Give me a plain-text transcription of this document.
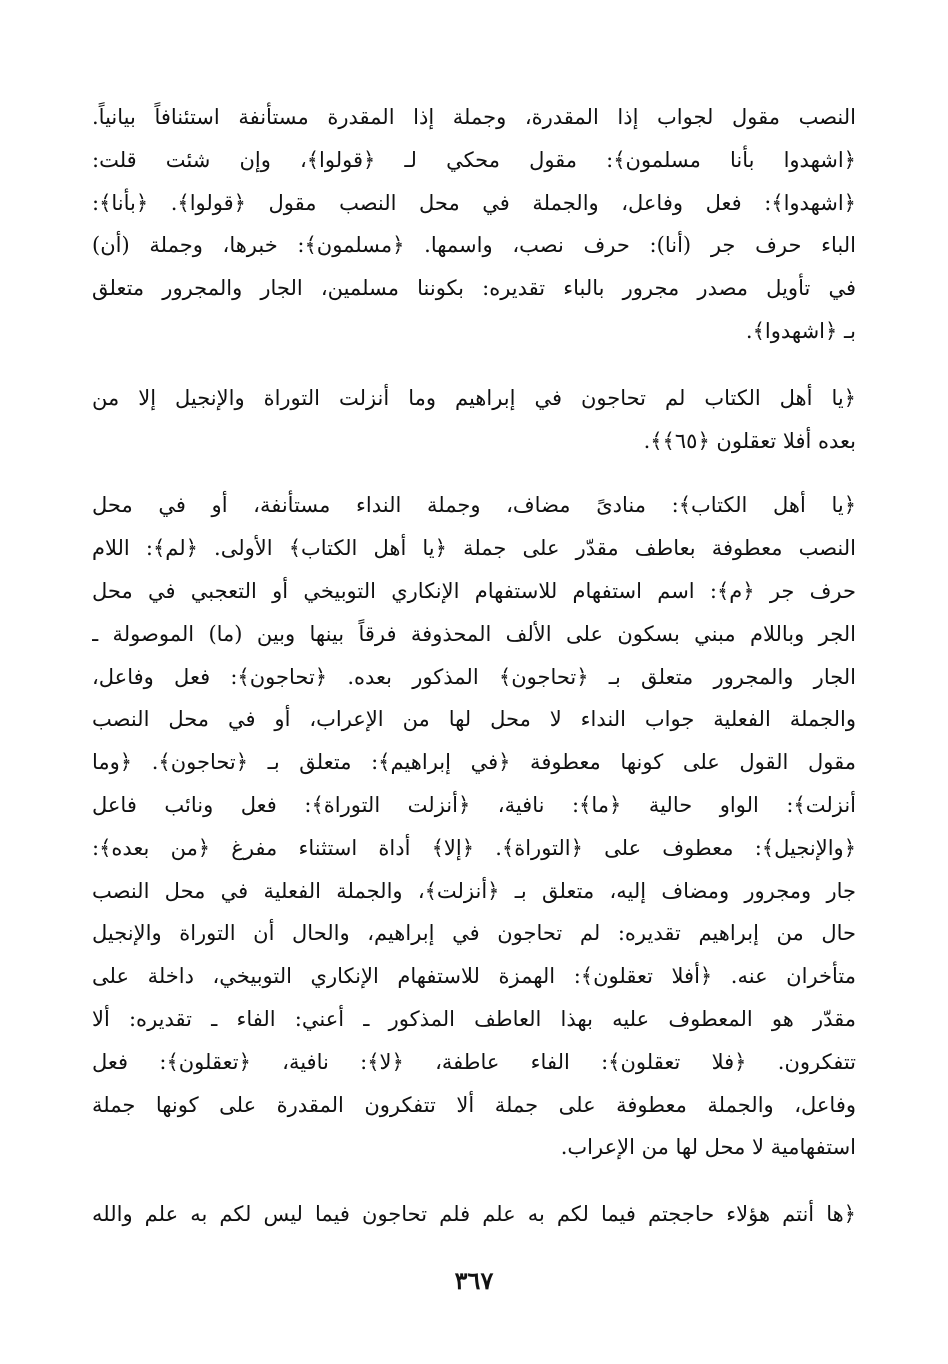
النصب مقول لجواب إذا المقدرة، وجملة إذا المقدرة مستأنفة استئنافاً بيانياً.
﴿اشهدوا بأنا مسلمون﴾: مقول محكي لـ ﴿قولوا﴾، وإن شئت قلت:
﴿اشهدوا﴾: فعل وفاعل، والجملة في محل النصب مقول ﴿قولوا﴾. ﴿بأنا﴾:
الباء حرف جر (أنا): حرف نصب، واسمها. ﴿مسلمون﴾: خبرها، وجملة (أن)
في تأويل مصدر مجرور بالباء تقديره: بكوننا مسلمين، الجار والمجرور متعلق
بـ ﴿اشهدوا﴾.
﴿يا أهل الكتاب لم تحاجون في إبراهيم وما أنزلت التوراة والإنجيل إلا من
بعده أفلا تعقلون ﴿٦٥﴾﴾.
﴿يا أهل الكتاب﴾: منادىً مضاف، وجملة النداء مستأنفة، أو في محل
النصب معطوفة بعاطف مقدّر على جملة ﴿يا أهل الكتاب﴾ الأولى. ﴿لم﴾: اللام
حرف جر ﴿م﴾: اسم استفهام للاستفهام الإنكاري التوبيخي أو التعجبي في محل
الجر وباللام مبني بسكون على الألف المحذوفة فرقاً بينها وبين (ما) الموصولة ـ
الجار والمجرور متعلق بـ ﴿تحاجون﴾ المذكور بعده. ﴿تحاجون﴾: فعل وفاعل،
والجملة الفعلية جواب النداء لا محل لها من الإعراب، أو في محل النصب
مقول القول على كونها معطوفة ﴿في إبراهيم﴾: متعلق بـ ﴿تحاجون﴾. ﴿وما
أنزلت﴾: الواو حالية ﴿ما﴾: نافية، ﴿أنزلت التوراة﴾: فعل ونائب فاعل
﴿والإنجيل﴾: معطوف على ﴿التوراة﴾. ﴿إلا﴾ أداة استثناء مفرغ ﴿من بعده﴾:
جار ومجرور ومضاف إليه، متعلق بـ ﴿أنزلت﴾، والجملة الفعلية في محل النصب
حال من إبراهيم تقديره: لم تحاجون في إبراهيم، والحال أن التوراة والإنجيل
متأخران عنه. ﴿أفلا تعقلون﴾: الهمزة للاستفهام الإنكاري التوبيخي، داخلة على
مقدّر هو المعطوف عليه بهذا العاطف المذكور ـ أعني: الفاء ـ تقديره: ألا
تتفكرون. ﴿فلا تعقلون﴾: الفاء عاطفة، ﴿لا﴾: نافية، ﴿تعقلون﴾: فعل
وفاعل، والجملة معطوفة على جملة ألا تتفكرون المقدرة على كونها جملة
استفهامية لا محل لها من الإعراب.
﴿ها أنتم هؤلاء حاججتم فيما لكم به علم فلم تحاجون فيما ليس لكم به علم والله
٣٦٧
